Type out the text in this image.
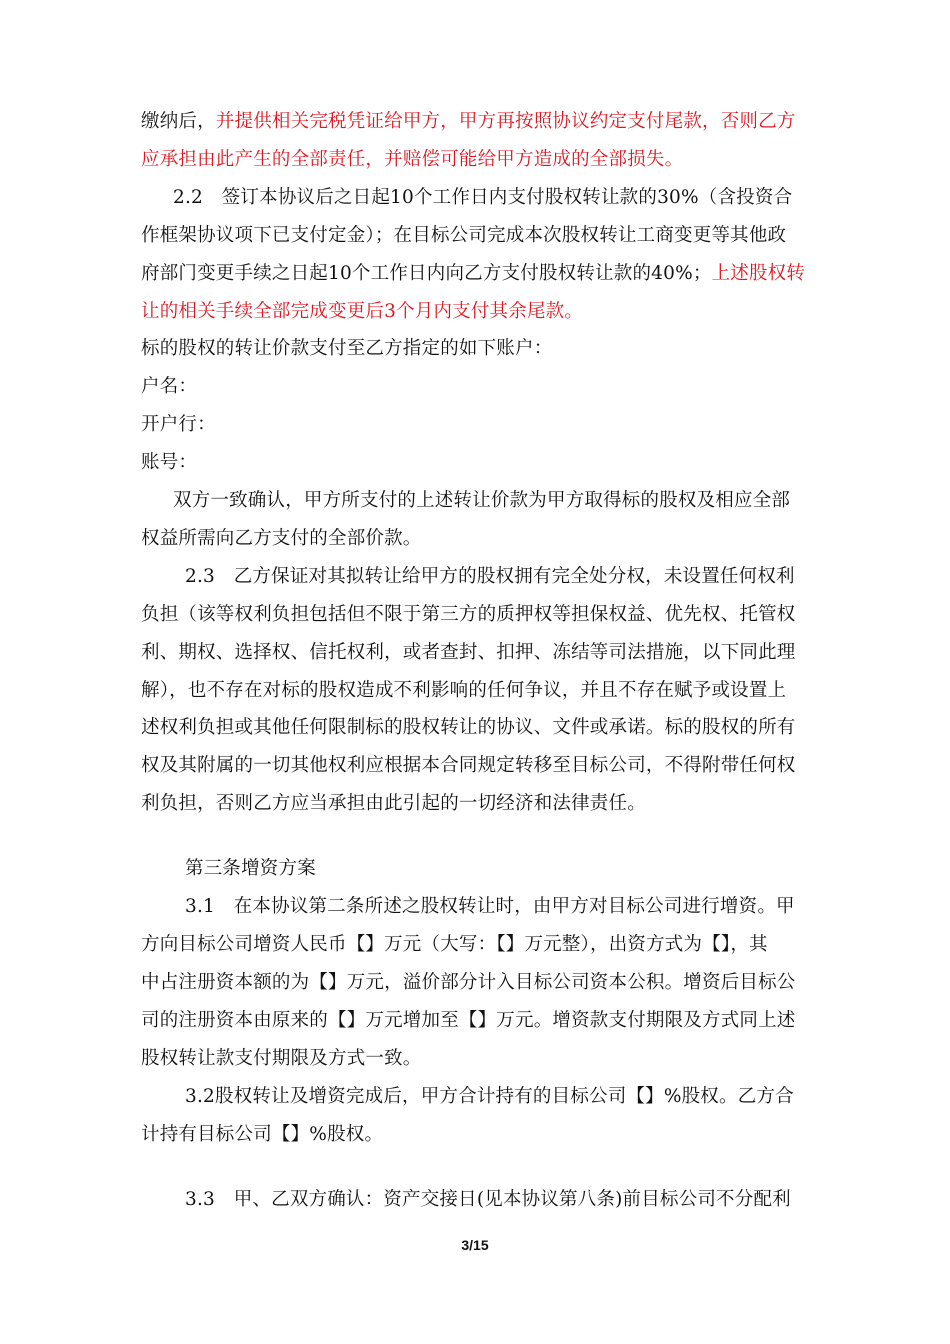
缴纳后，并提供相关完税凭证给甲方，甲方再按照协议约定支付尾款，否则乙方
应承担由此产生的全部责任，并赔偿可能给甲方造成的全部损失。
2.2　签订本协议后之日起10个工作日内支付股权转让款的30%（含投资合
作框架协议项下已支付定金）；在目标公司完成本次股权转让工商变更等其他政
府部门变更手续之日起10个工作日内向乙方支付股权转让款的40%；上述股权转
让的相关手续全部完成变更后3个月内支付其余尾款。
标的股权的转让价款支付至乙方指定的如下账户：
户名：
开户行：
账号：
双方一致确认，甲方所支付的上述转让价款为甲方取得标的股权及相应全部
权益所需向乙方支付的全部价款。
2.3　乙方保证对其拟转让给甲方的股权拥有完全处分权，未设置任何权利
负担（该等权利负担包括但不限于第三方的质押权等担保权益、优先权、托管权
利、期权、选择权、信托权利，或者查封、扣押、冻结等司法措施，以下同此理
解），也不存在对标的股权造成不利影响的任何争议，并且不存在赋予或设置上
述权利负担或其他任何限制标的股权转让的协议、文件或承诺。标的股权的所有
权及其附属的一切其他权利应根据本合同规定转移至目标公司，不得附带任何权
利负担，否则乙方应当承担由此引起的一切经济和法律责任。
第三条增资方案
3.1　在本协议第二条所述之股权转让时，由甲方对目标公司进行增资。甲
方向目标公司增资人民币【】万元（大写：【】万元整），出资方式为【】，其
中占注册资本额的为【】万元，溢价部分计入目标公司资本公积。增资后目标公
司的注册资本由原来的【】万元增加至【】万元。增资款支付期限及方式同上述
股权转让款支付期限及方式一致。
3.2股权转让及增资完成后，甲方合计持有的目标公司【】%股权。乙方合
计持有目标公司【】%股权。
3.3　甲、乙双方确认：资产交接日(见本协议第八条)前目标公司不分配利
3/15
